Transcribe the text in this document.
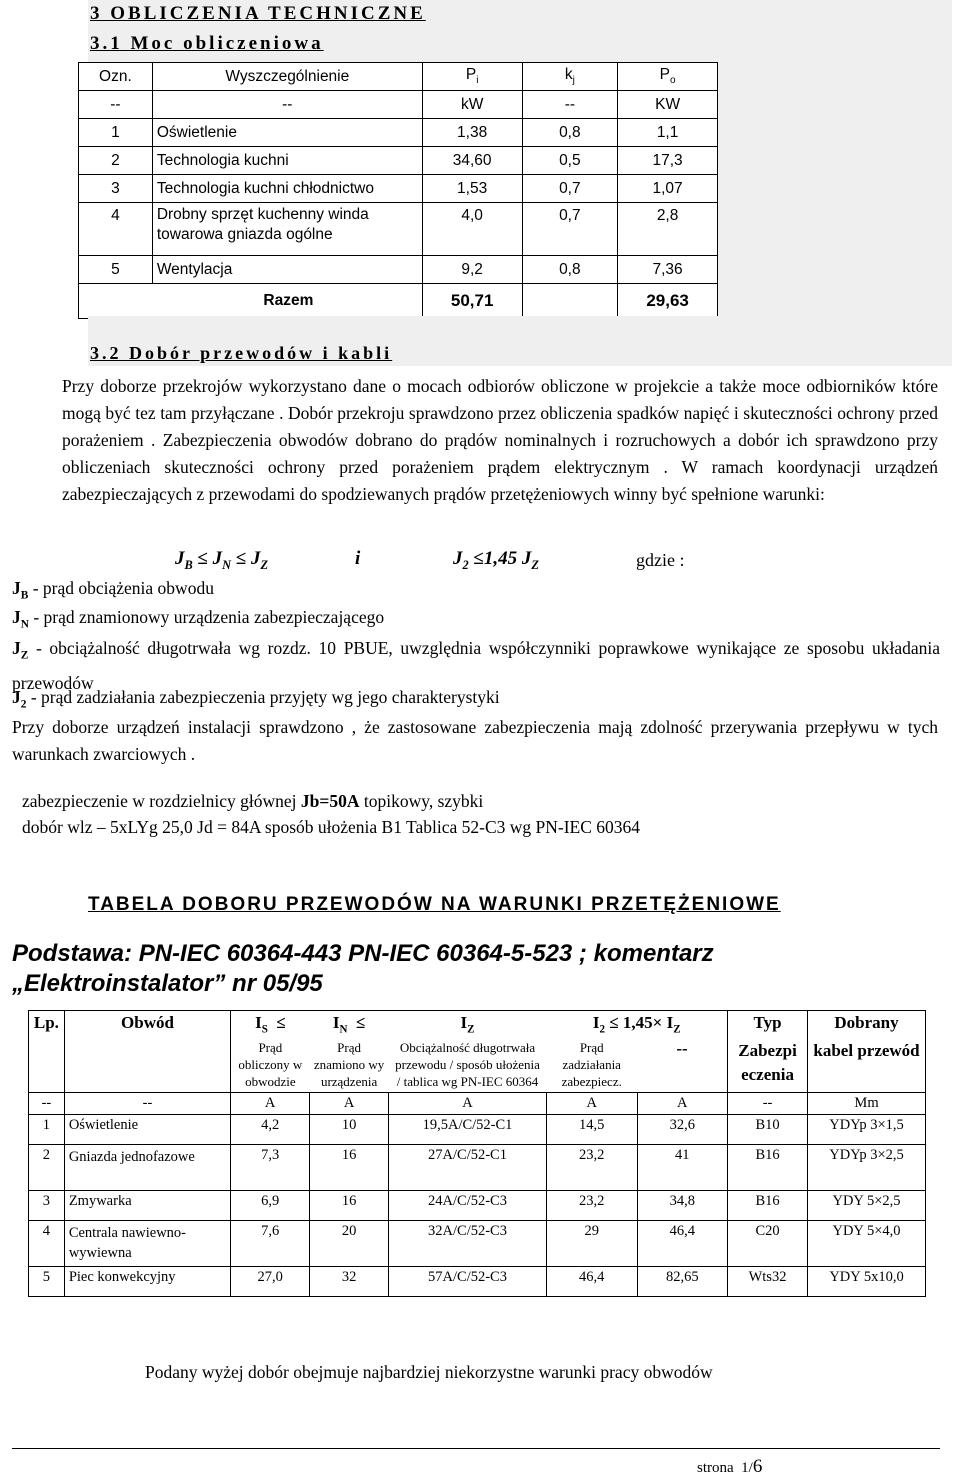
3 OBLICZENIA TECHNICZNE
3.1 Moc obliczeniowa
Ozn.	Wyszczególnienie	$P_i$	$k_j$	$P_o$
--	--	kW	--	KW
1	Oświetlenie	1,38	0,8	1,1
2	Technologia kuchni	34,60	0,5	17,3
3	Technologia kuchni chłodnictwo	1,53	0,7	1,07
4	Drobny sprzęt kuchenny winda towarowa gniazda ogólne	4,0	0,7	2,8
5	Wentylacja	9,2	0,8	7,36
Razem		50,71		29,63
3.2 Dobór przewodów i kabli
Przy doborze przekrojów wykorzystano dane o mocach odbiorów obliczone w projekcie a także moce odbiorników które mogą być tez tam przyłączane . Dobór przekroju sprawdzono przez obliczenia spadków napięć i skuteczności ochrony przed porażeniem . Zabezpieczenia obwodów dobrano do prądów nominalnych i rozruchowych a dobór ich sprawdzono przy obliczeniach skuteczności ochrony przed porażeniem prądem elektrycznym . W ramach koordynacji urządzeń zabezpieczających z przewodami do spodziewanych prądów przetężeniowych winny być spełnione warunki:
$J_B \le J_N \le J_Z$	i	$J_2 \le 1,45$ $J_Z$	gdzie :
$J_B$ - prąd obciążenia obwodu
$J_N$ - prąd znamionowy urządzenia zabezpieczającego
$J_Z$ - obciążalność długotrwała wg rozdz. 10 PBUE, uwzględnia współczynniki poprawkowe wynikające ze sposobu układania przewodów
$J_2$ - prąd zadziałania zabezpieczenia przyjęty wg jego charakterystyki
Przy doborze urządzeń instalacji sprawdzono , że zastosowane zabezpieczenia mają zdolność przerywania przepływu w tych warunkach zwarciowych .
zabezpieczenie w rozdzielnicy głównej Jb=50A topikowy, szybki
dobór wlz – 5xLYg 25,0 Jd = 84A sposób ułożenia B1 Tablica 52-C3 wg PN-IEC 60364
TABELA DOBORU PRZEWODÓW NA WARUNKI PRZETĘŻENIOWE
Podstawa: PN-IEC 60364-443 PN-IEC 60364-5-523 ; komentarz
„Elektroinstalator” nr 05/95
Lp.	Obwód	$I_S$  ≤	$I_N$  ≤	$I_Z$	$I_2 \le 1,45\times I_Z$		Typ	Dobrany
		Prąd obliczony w obwodzie	Prąd znamiono wy urządzenia	Obciążalność długotrwała przewodu / sposób ułożenia / tablica wg PN-IEC 60364	Prąd zadziałania zabezpiecz.	--	Zabezpi eczenia	kabel przewód
--	--	A	A	A	A	A	--	Mm
1	Oświetlenie	4,2	10	19,5A/C/52-C1	14,5	32,6	B10	YDYp 3×1,5
2	Gniazda jednofazowe	7,3	16	27A/C/52-C1	23,2	41	B16	YDYp 3×2,5
3	Zmywarka	6,9	16	24A/C/52-C3	23,2	34,8	B16	YDY 5×2,5
4	Centrala nawiewno-wywiewna	7,6	20	32A/C/52-C3	29	46,4	C20	YDY 5×4,0
5	Piec konwekcyjny	27,0	32	57A/C/52-C3	46,4	82,65	Wts32	YDY 5x10,0
Podany wyżej dobór obejmuje najbardziej niekorzystne warunki pracy obwodów
strona 1/6
